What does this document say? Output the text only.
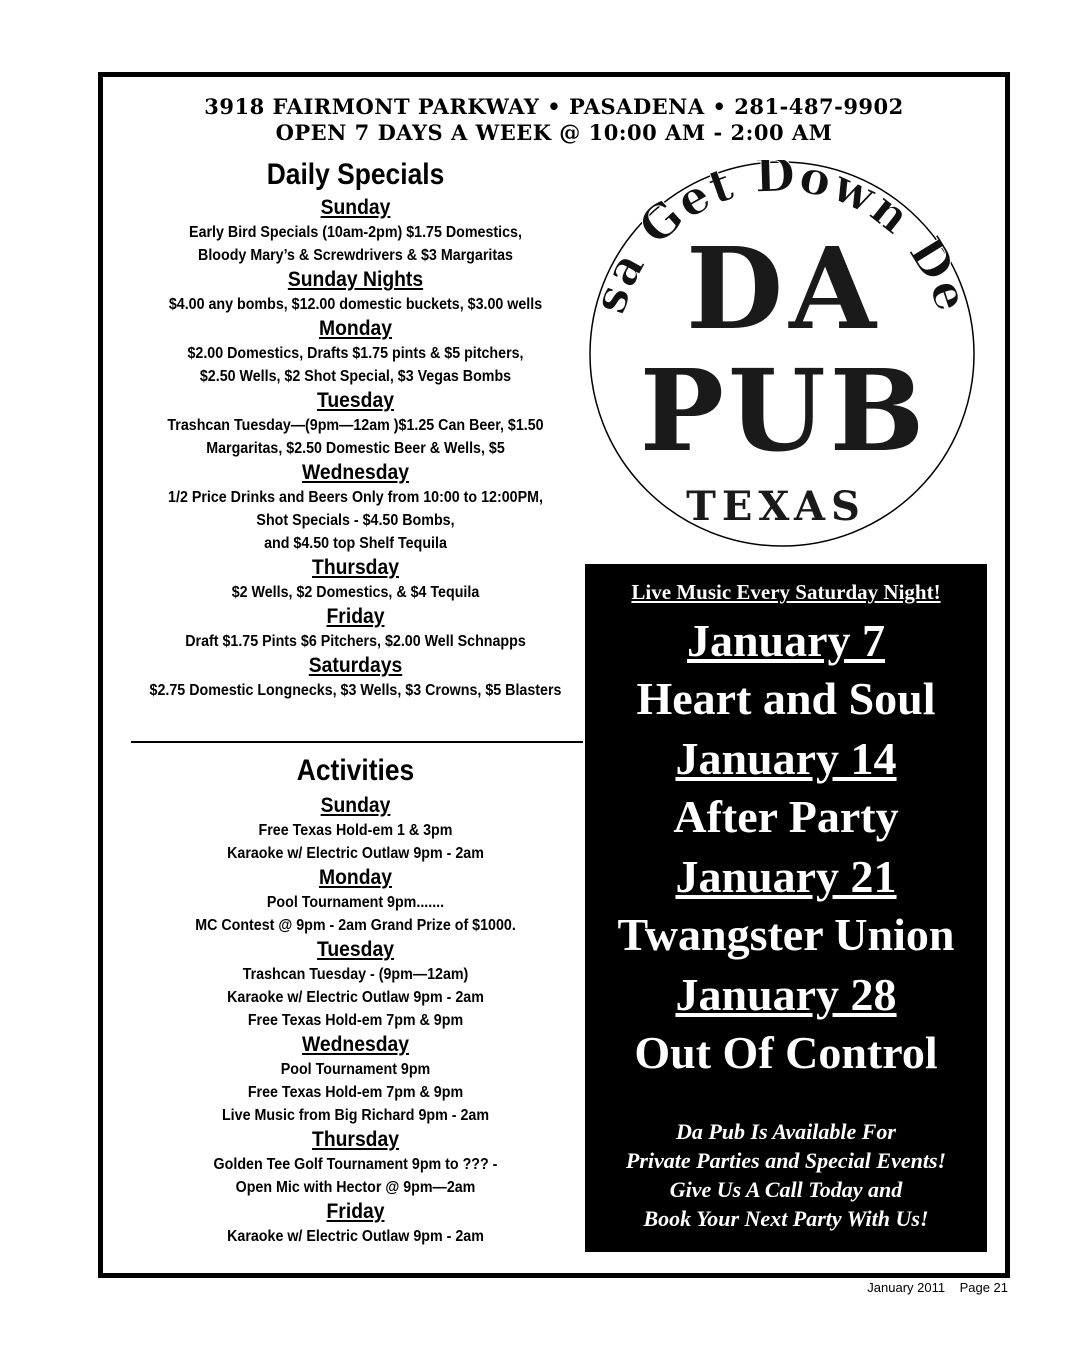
3918 FAIRMONT PARKWAY • PASADENA • 281-487-9902
OPEN 7 DAYS A WEEK @ 10:00 AM - 2:00 AM
Daily Specials
Sunday
Early Bird Specials (10am-2pm) $1.75 Domestics,
Bloody Mary’s & Screwdrivers & $3 Margaritas
Sunday Nights
$4.00 any bombs, $12.00 domestic buckets, $3.00 wells
Monday
$2.00 Domestics, Drafts $1.75 pints & $5 pitchers,
$2.50 Wells, $2 Shot Special, $3 Vegas Bombs
Tuesday
Trashcan Tuesday—(9pm—12am )$1.25 Can Beer, $1.50
Margaritas, $2.50 Domestic Beer & Wells, $5
Wednesday
1/2 Price Drinks and Beers Only from 10:00 to 12:00PM,
Shot Specials - $4.50 Bombs,
and $4.50 top Shelf Tequila
Thursday
$2 Wells, $2 Domestics, & $4 Tequila
Friday
Draft $1.75 Pints $6 Pitchers, $2.00 Well Schnapps
Saturdays
$2.75 Domestic Longnecks, $3 Wells, $3 Crowns, $5 Blasters
Activities
Sunday
Free Texas Hold-em 1 & 3pm
Karaoke w/ Electric Outlaw 9pm - 2am
Monday
Pool Tournament 9pm.......
MC Contest @ 9pm - 2am Grand Prize of $1000.
Tuesday
Trashcan Tuesday - (9pm—12am)
Karaoke w/ Electric Outlaw 9pm - 2am
Free Texas Hold-em 7pm & 9pm
Wednesday
Pool Tournament 9pm
Free Texas Hold-em 7pm & 9pm
Live Music from Big Richard 9pm - 2am
Thursday
Golden Tee Golf Tournament 9pm to ??? -
Open Mic with Hector @ 9pm—2am
Friday
Karaoke w/ Electric Outlaw 9pm - 2am
a Get Down De
DA
PUB
TEXAS
Live Music Every Saturday Night!
January 7
Heart and Soul
January 14
After Party
January 21
Twangster Union
January 28
Out Of Control
Da Pub Is Available For
Private Parties and Special Events!
Give Us A Call Today and
Book Your Next Party With Us!
January 2011 Page 21
